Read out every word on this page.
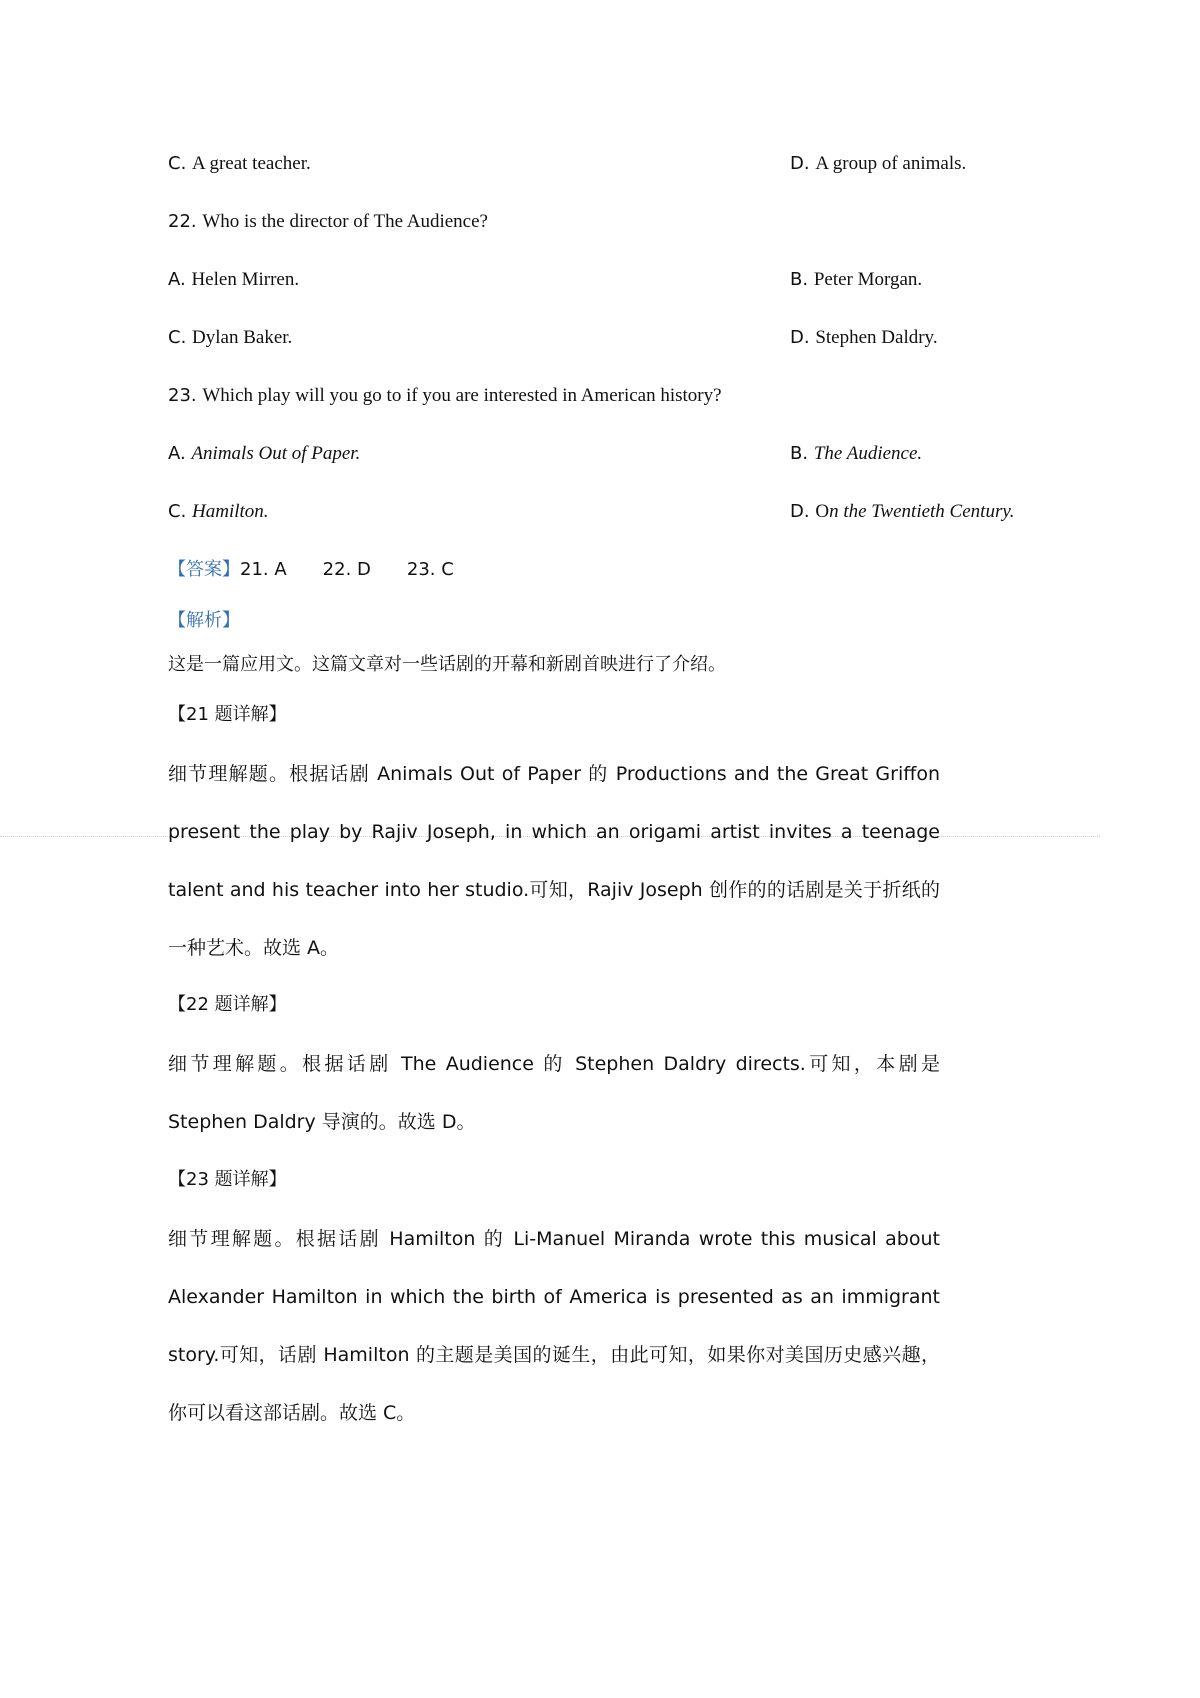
C. A great teacher.	D. A group of animals.
22. Who is the director of The Audience?
A. Helen Mirren.	B. Peter Morgan.
C. Dylan Baker.	D. Stephen Daldry.
23. Which play will you go to if you are interested in American history?
A. Animals Out of Paper.	B. The Audience.
C. Hamilton.	D. On the Twentieth Century.
【答案】21. A 22. D 23. C
【解析】
这是一篇应用文。这篇文章对一些话剧的开幕和新剧首映进行了介绍。
【21 题详解】
细节理解题。根据话剧 Animals Out of Paper 的 Productions and the Great Griffon present the play by Rajiv Joseph, in which an origami artist invites a teenage talent and his teacher into her studio.可知，Rajiv Joseph 创作的的话剧是关于折纸的一种艺术。故选 A。
【22 题详解】
细节理解题。根据话剧 The Audience 的 Stephen Daldry directs.可知，本剧是 Stephen Daldry 导演的。故选 D。
【23 题详解】
细节理解题。根据话剧 Hamilton 的 Li-Manuel Miranda wrote this musical about Alexander Hamilton in which the birth of America is presented as an immigrant story.可知，话剧 Hamilton 的主题是美国的诞生，由此可知，如果你对美国历史感兴趣，你可以看这部话剧。故选 C。
